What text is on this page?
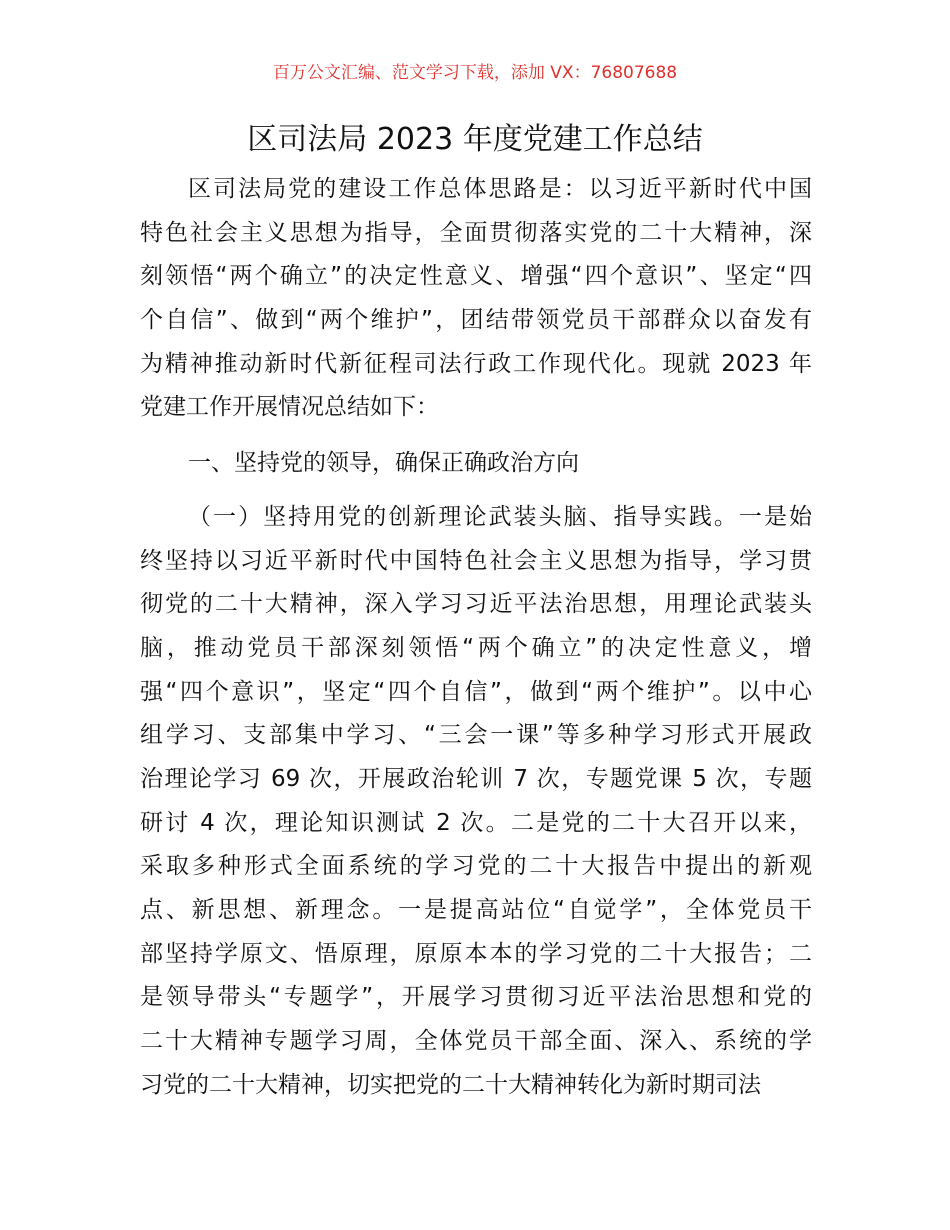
百万公文汇编、范文学习下载，添加 VX：76807688
区司法局 2023 年度党建工作总结
区司法局党的建设工作总体思路是：以习近平新时代中国
特色社会主义思想为指导，全面贯彻落实党的二十大精神，深
刻领悟“两个确立”的决定性意义、增强“四个意识”、坚定“四
个自信”、做到“两个维护”，团结带领党员干部群众以奋发有
为精神推动新时代新征程司法行政工作现代化。现就 2023 年
党建工作开展情况总结如下：
一、坚持党的领导，确保正确政治方向
（一）坚持用党的创新理论武装头脑、指导实践。一是始
终坚持以习近平新时代中国特色社会主义思想为指导，学习贯
彻党的二十大精神，深入学习习近平法治思想，用理论武装头
脑，推动党员干部深刻领悟“两个确立”的决定性意义，增
强“四个意识”，坚定“四个自信”，做到“两个维护”。以中心
组学习、支部集中学习、“三会一课”等多种学习形式开展政
治理论学习 69 次，开展政治轮训 7 次，专题党课 5 次，专题
研讨 4 次，理论知识测试 2 次。二是党的二十大召开以来，
采取多种形式全面系统的学习党的二十大报告中提出的新观
点、新思想、新理念。一是提高站位“自觉学”，全体党员干
部坚持学原文、悟原理，原原本本的学习党的二十大报告；二
是领导带头“专题学”，开展学习贯彻习近平法治思想和党的
二十大精神专题学习周，全体党员干部全面、深入、系统的学
习党的二十大精神，切实把党的二十大精神转化为新时期司法
